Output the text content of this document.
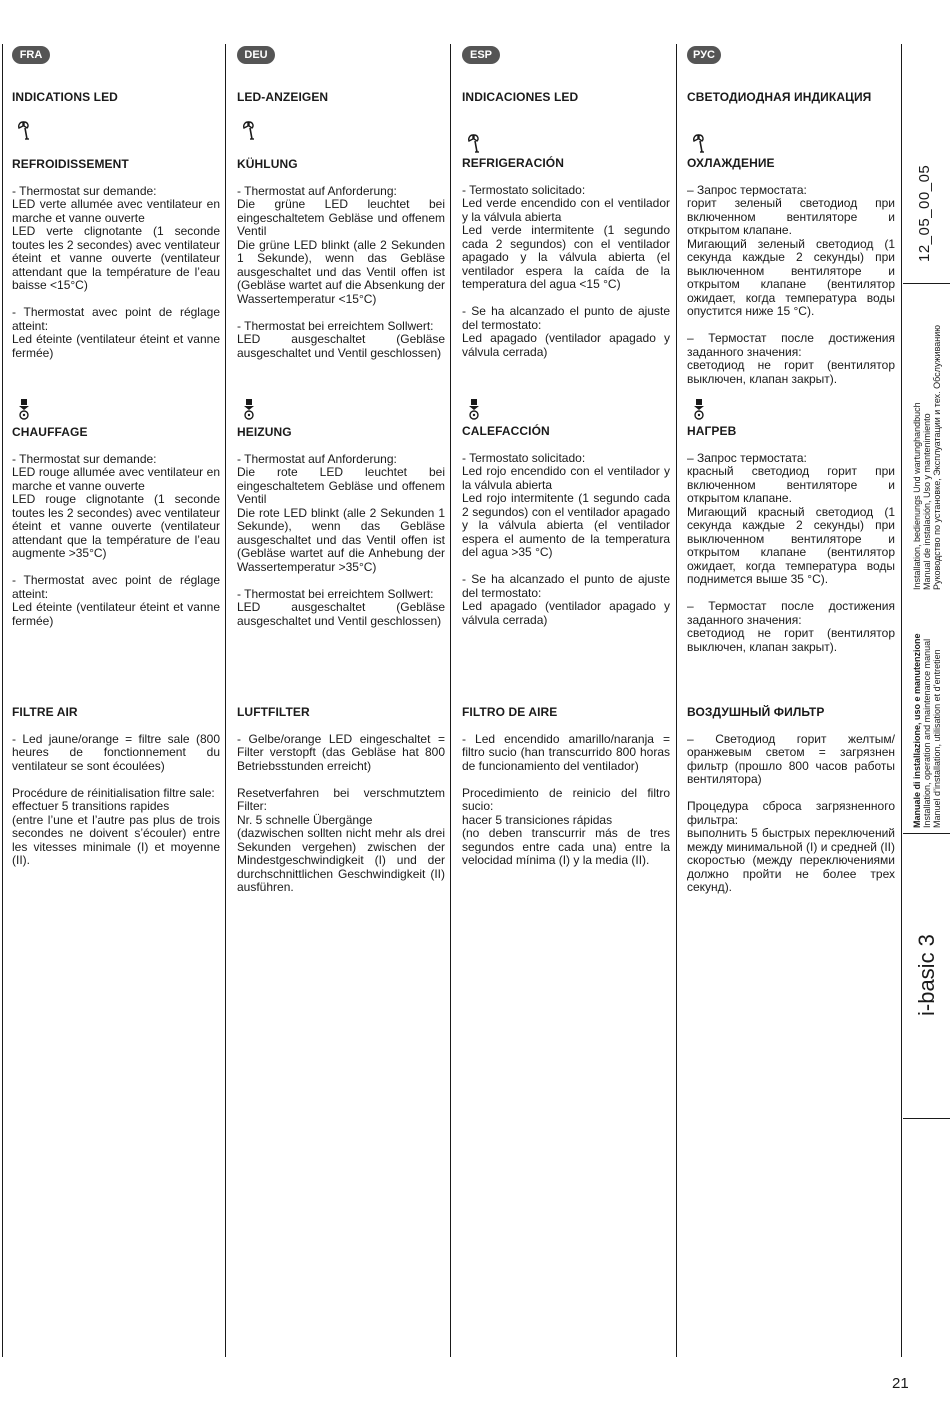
FRA
INDICATIONS LED
REFROIDISSEMENT

- Thermostat sur demande:
LED verte allumée avec ventilateur en marche et vanne ouverte
LED verte clignotante (1 seconde toutes les 2 secondes) avec ventilateur éteint et vanne ouverte (ventilateur attendant que la température de l’eau baisse <15°C)

- Thermostat avec point de réglage atteint:
Led éteinte (ventilateur éteint et vanne fermée)

CHAUFFAGE

- Thermostat sur demande:
LED rouge allumée avec ventilateur en marche et vanne ouverte
LED rouge clignotante (1 seconde toutes les 2 secondes) avec ventilateur éteint et vanne ouverte (ventilateur attendant que la température de l’eau augmente >35°C)

- Thermostat avec point de réglage atteint:
Led éteinte (ventilateur éteint et vanne fermée)

FILTRE AIR

- Led jaune/orange = filtre sale (800 heures de fonctionnement du ventilateur se sont écoulées)

Procédure de réinitialisation filtre sale:
effectuer 5 transitions rapides
(entre l’une et l’autre pas plus de trois secondes ne doivent s’écouler) entre les vitesses minimale (I) et moyenne (II).

DEU
LED-ANZEIGEN
KÜHLUNG

- Thermostat auf Anforderung:
Die grüne LED leuchtet bei eingeschaltetem Gebläse und offenem Ventil
Die grüne LED blinkt (alle 2 Sekunden 1 Sekunde), wenn das Gebläse ausgeschaltet und das Ventil offen ist (Gebläse wartet auf die Absenkung der Wassertemperatur <15°C)

- Thermostat bei erreichtem Sollwert:
LED ausgeschaltet (Gebläse ausgeschaltet und Ventil geschlossen)

HEIZUNG

- Thermostat auf Anforderung:
Die rote LED leuchtet bei eingeschaltetem Gebläse und offenem Ventil
Die rote LED blinkt (alle 2 Sekunden 1 Sekunde), wenn das Gebläse ausgeschaltet und das Ventil offen ist (Gebläse wartet auf die Anhebung der Wassertemperatur >35°C)

- Thermostat bei erreichtem Sollwert:
LED ausgeschaltet (Gebläse ausgeschaltet und Ventil geschlossen)

LUFTFILTER

- Gelbe/orange LED eingeschaltet = Filter verstopft (das Gebläse hat 800 Betriebsstunden erreicht)

Resetverfahren bei verschmutztem Filter:
Nr. 5 schnelle Übergänge
(dazwischen sollten nicht mehr als drei Sekunden vergehen) zwischen der Mindestgeschwindigkeit (I) und der durchschnittlichen Geschwindigkeit (II) ausführen.

ESP
INDICACIONES LED
REFRIGERACIÓN

- Termostato solicitado:
Led verde encendido con el ventilador y la válvula abierta
Led verde intermitente (1 segundo cada 2 segundos) con el ventilador apagado y la válvula abierta (el ventilador espera la caída de la temperatura del agua <15 °C)

- Se ha alcanzado el punto de ajuste del termostato:
Led apagado (ventilador apagado y válvula cerrada)

CALEFACCIÓN

- Termostato solicitado:
Led rojo encendido con el ventilador y la válvula abierta
Led rojo intermitente (1 segundo cada 2 segundos) con el ventilador apagado y la válvula abierta (el ventilador espera el aumento de la temperatura del agua >35 °C)

- Se ha alcanzado el punto de ajuste del termostato:
Led apagado (ventilador apagado y válvula cerrada)

FILTRO DE AIRE

- Led encendido amarillo/naranja = filtro sucio (han transcurrido 800 horas de funcionamiento del ventilador)

Procedimiento de reinicio del filtro sucio:
hacer 5 transiciones rápidas
(no deben transcurrir más de tres segundos entre cada una) entre la velocidad mínima (I) y la media (II).

РУС
СВЕТОДИОДНАЯ ИНДИКАЦИЯ
ОХЛАЖДЕНИЕ

– Запрос термостата:
горит зеленый светодиод при включенном вентиляторе и открытом клапане.
Мигающий зеленый светодиод (1 секунда каждые 2 секунды) при выключенном вентиляторе и открытом клапане (вентилятор ожидает, когда температура воды опустится ниже 15 °C).

– Термостат после достижения заданного значения:
светодиод не горит (вентилятор выключен, клапан закрыт).

НАГРЕВ

– Запрос термостата:
красный светодиод горит при включенном вентиляторе и открытом клапане.
Мигающий красный светодиод (1 секунда каждые 2 секунды) при выключенном вентиляторе и открытом клапане (вентилятор ожидает, когда температура воды поднимется выше 35 °C).

– Термостат после достижения заданного значения:
светодиод не горит (вентилятор выключен, клапан закрыт).

ВОЗДУШНЫЙ ФИЛЬТР

– Светодиод горит желтым/оранжевым светом = загрязнен фильтр (прошло 800 часов работы вентилятора)

Процедура сброса загрязненного фильтра:
выполнить 5 быстрых переключений между минимальной (I) и средней (II) скоростью (между переключениями должно пройти не более трех секунд).

12_05_00_05
Installation, bedienungs Und wartunghandbuch Manual de instalación, Uso y mantenimiento Руководство по установке, Эксплуатации и тех. Обслуживанию
Manuale di installazione, uso e manutenzione Installation, operation and maintenance manual Manuel d’installation, utilisation et d’entretien
i-basic 3
21
